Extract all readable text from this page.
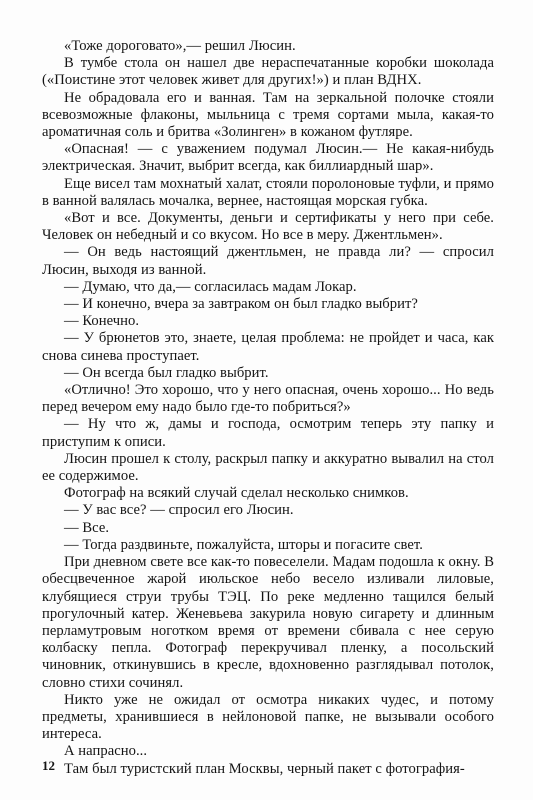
«Тоже дороговато»,— решил Люсин.

В тумбе стола он нашел две нераспечатанные коробки шоколада («Поистине этот человек живет для других!») и план ВДНХ.

Не обрадовала его и ванная. Там на зеркальной полочке стояли всевозможные флаконы, мыльница с тремя сортами мыла, какая-то ароматичная соль и бритва «Золинген» в кожаном футляре.

«Опасная! — с уважением подумал Люсин.— Не какая-нибудь электрическая. Значит, выбрит всегда, как биллиардный шар».

Еще висел там мохнатый халат, стояли поролоновые туфли, и прямо в ванной валялась мочалка, вернее, настоящая морская губка.

«Вот и все. Документы, деньги и сертификаты у него при себе. Человек он небедный и со вкусом. Но все в меру. Джентльмен».

— Он ведь настоящий джентльмен, не правда ли? — спросил Люсин, выходя из ванной.

— Думаю, что да,— согласилась мадам Локар.

— И конечно, вчера за завтраком он был гладко выбрит?

— Конечно.

— У брюнетов это, знаете, целая проблема: не пройдет и часа, как снова синева проступает.

— Он всегда был гладко выбрит.

«Отлично! Это хорошо, что у него опасная, очень хорошо... Но ведь перед вечером ему надо было где-то побриться?»

— Ну что ж, дамы и господа, осмотрим теперь эту папку и приступим к описи.

Люсин прошел к столу, раскрыл папку и аккуратно вывалил на стол ее содержимое.

Фотограф на всякий случай сделал несколько снимков.

— У вас все? — спросил его Люсин.

— Все.

— Тогда раздвиньте, пожалуйста, шторы и погасите свет.

При дневном свете все как-то повеселели. Мадам подошла к окну. В обесцвеченное жарой июльское небо весело изливали лиловые, клубящиеся струи трубы ТЭЦ. По реке медленно тащился белый прогулочный катер. Женевьева закурила новую сигарету и длинным перламутровым ноготком время от времени сбивала с нее серую колбаску пепла. Фотограф перекручивал пленку, а посольский чиновник, откинувшись в кресле, вдохновенно разглядывал потолок, словно стихи сочинял.

Никто уже не ожидал от осмотра никаких чудес, и потому предметы, хранившиеся в нейлоновой папке, не вызывали особого интереса.

А напрасно...

Там был туристский план Москвы, черный пакет с фотография-

12
